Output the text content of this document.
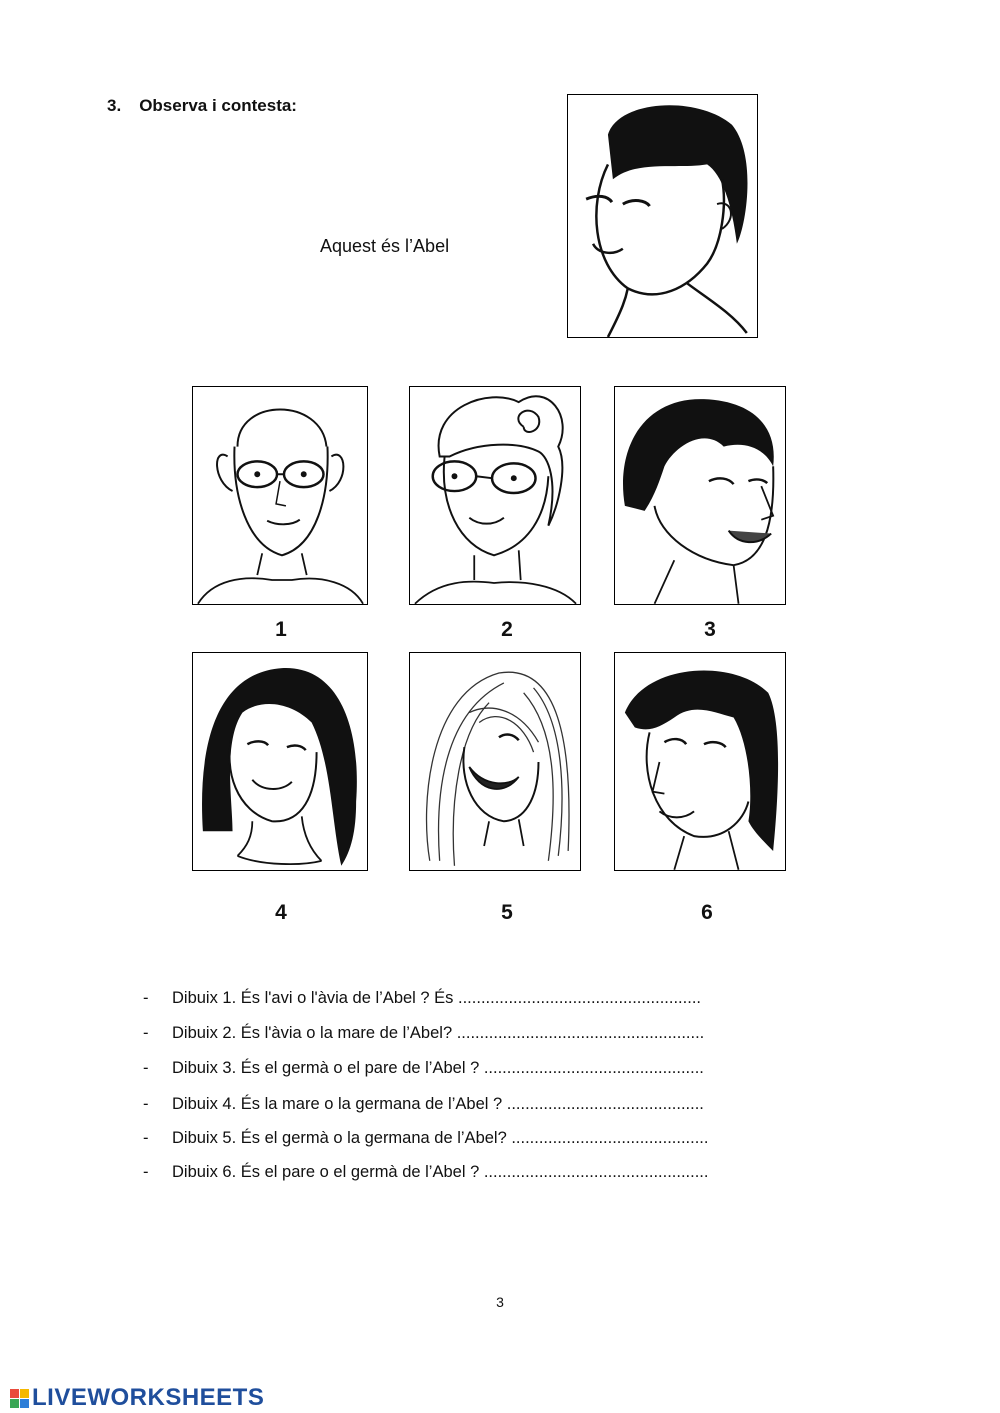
3. Observa i contesta:
Aquest és l’Abel
1	2	3
4	5	6
- Dibuix 1. És l'avi o l'àvia de l’Abel ? És .....................................................
- Dibuix 2. És l'àvia o la mare de l’Abel? ......................................................
- Dibuix 3. És el germà o el pare de l’Abel ? ................................................
- Dibuix 4. És la mare o la germana de l’Abel ? ...........................................
- Dibuix 5. És el germà o la germana de l’Abel? ...........................................
- Dibuix 6. És el pare o el germà de l’Abel ? .................................................
3
LIVEWORKSHEETS
